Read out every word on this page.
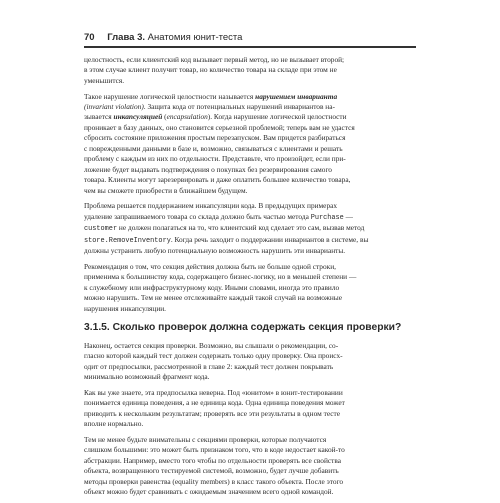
70 Глава 3. Анатомия юнит-теста

целостность, если клиентский код вызывает первый метод, но не вызывает второй;
в этом случае клиент получит товар, но количество товара на складе при этом не
уменьшится.

Такое нарушение логической целостности называется нарушением инварианта
(invariant violation). Защита кода от потенциальных нарушений инвариантов на-
зывается инкапсуляцией (encapsulation). Когда нарушение логической целостности
проникает в базу данных, оно становится серьезной проблемой; теперь вам не удастся
сбросить состояние приложения простым перезапуском. Вам придется разбираться
с поврежденными данными в базе и, возможно, связываться с клиентами и решать
проблему с каждым из них по отдельности. Представьте, что произойдет, если при-
ложение будет выдавать подтверждения о покупках без резервирования самого
товара. Клиенты могут зарезервировать и даже оплатить большее количество товара,
чем вы сможете приобрести в ближайшем будущем.

Проблема решается поддержанием инкапсуляции кода. В предыдущих примерах
удаление запрашиваемого товара со склада должно быть частью метода Purchase —
customer не должен полагаться на то, что клиентский код сделает это сам, вызвав метод
store.RemoveInventory. Когда речь заходит о поддержании инвариантов в системе, вы
должны устранить любую потенциальную возможность нарушить эти инварианты.

Рекомендация о том, что секция действия должна быть не больше одной строки,
применима к большинству кода, содержащего бизнес-логику, но в меньшей степени —
к служебному или инфраструктурному коду. Иными словами, иногда это правило
можно нарушить. Тем не менее отслеживайте каждый такой случай на возможные
нарушения инкапсуляции.

3.1.5. Сколько проверок должна содержать секция проверки?

Наконец, остается секция проверки. Возможно, вы слышали о рекомендации, со-
гласно которой каждый тест должен содержать только одну проверку. Она происх-
одит от предпосылки, рассмотренной в главе 2: каждый тест должен покрывать
минимально возможный фрагмент кода.

Как вы уже знаете, эта предпосылка неверна. Под «юнитом» в юнит-тестировании
понимается единица поведения, а не единица кода. Одна единица поведения может
приводить к нескольким результатам; проверять все эти результаты в одном тесте
вполне нормально.

Тем не менее будьте внимательны с секциями проверки, которые получаются
слишком большими: это может быть признаком того, что в коде недостает какой-то
абстракции. Например, вместо того чтобы по отдельности проверять все свойства
объекта, возвращенного тестируемой системой, возможно, будет лучше добавить
методы проверки равенства (equality members) в класс такого объекта. После этого
объект можно будет сравнивать с ожидаемым значением всего одной командой.
